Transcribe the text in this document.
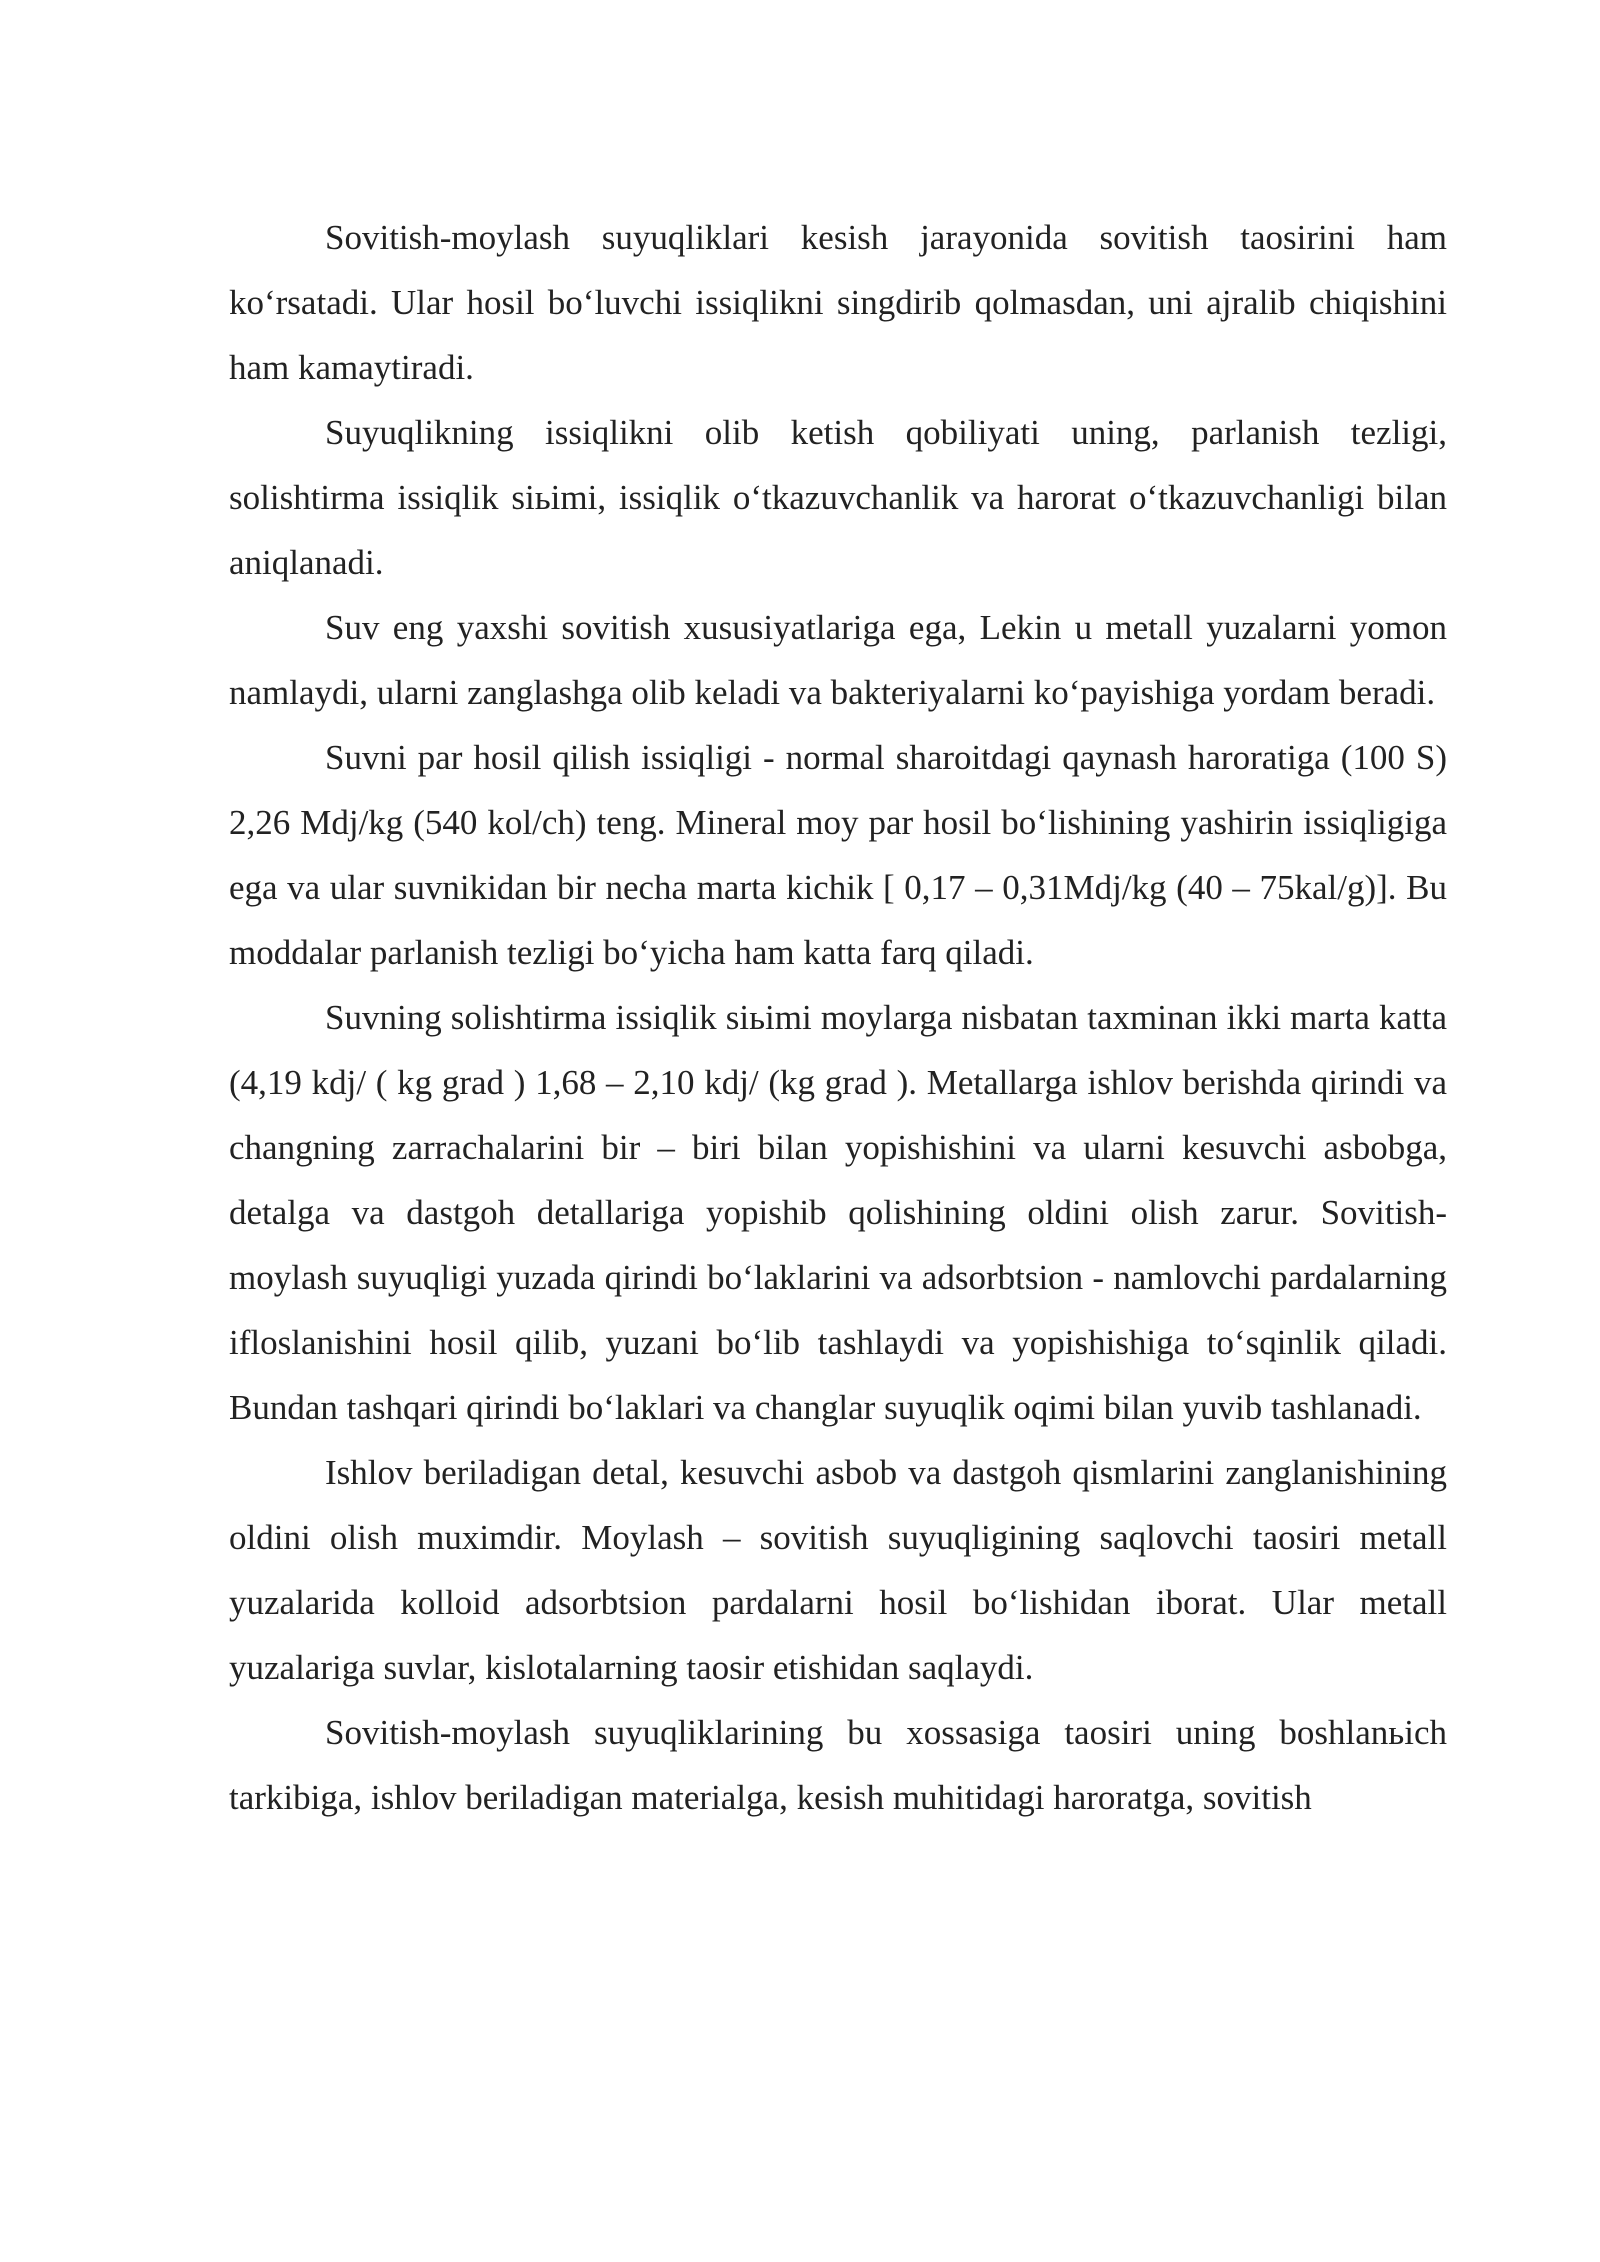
Sovitish-moylash suyuqliklari kesish jarayonida sovitish taosirini ham koʻrsatadi. Ular hosil boʻluvchi issiqlikni singdirib qolmasdan, uni ajralib chiqishini ham kamaytiradi.

Suyuqlikning issiqlikni olib ketish qobiliyati uning, parlanish tezligi, solishtirma issiqlik siьimi, issiqlik oʻtkazuvchanlik va harorat oʻtkazuvchanligi bilan aniqlanadi.

Suv eng yaxshi sovitish xususiyatlariga ega, Lekin u metall yuzalarni yomon namlaydi, ularni zanglashga olib keladi va bakteriyalarni koʻpayishiga yordam beradi.

Suvni par hosil qilish issiqligi - normal sharoitdagi qaynash haroratiga (100 S) 2,26 Mdj/kg (540 kol/ch) teng. Mineral moy par hosil boʻlishining yashirin issiqligiga ega va ular suvnikidan bir necha marta kichik [ 0,17 – 0,31Mdj/kg (40 – 75kal/g)]. Bu moddalar parlanish tezligi boʻyicha ham katta farq qiladi.

Suvning solishtirma issiqlik siьimi moylarga nisbatan taxminan ikki marta katta (4,19 kdj/ ( kg grad ) 1,68 – 2,10 kdj/ (kg grad ). Metallarga ishlov berishda qirindi va changning zarrachalarini bir – biri bilan yopishishini va ularni kesuvchi asbobga, detalga va dastgoh detallariga yopishib qolishining oldini olish zarur. Sovitish-moylash suyuqligi yuzada qirindi boʻlaklarini va adsorbtsion - namlovchi pardalarning ifloslanishini hosil qilib, yuzani boʻlib tashlaydi va yopishishiga toʻsqinlik qiladi. Bundan tashqari qirindi boʻlaklari va changlar suyuqlik oqimi bilan yuvib tashlanadi.

Ishlov beriladigan detal, kesuvchi asbob va dastgoh qismlarini zanglanishining oldini olish muximdir. Moylash – sovitish suyuqligining saqlovchi taosiri metall yuzalarida kolloid adsorbtsion pardalarni hosil boʻlishidan iborat. Ular metall yuzalariga suvlar, kislotalarning taosir etishidan saqlaydi.

Sovitish-moylash suyuqliklarining bu xossasiga taosiri uning boshlanьich tarkibiga, ishlov beriladigan materialga, kesish muhitidagi haroratga, sovitish
